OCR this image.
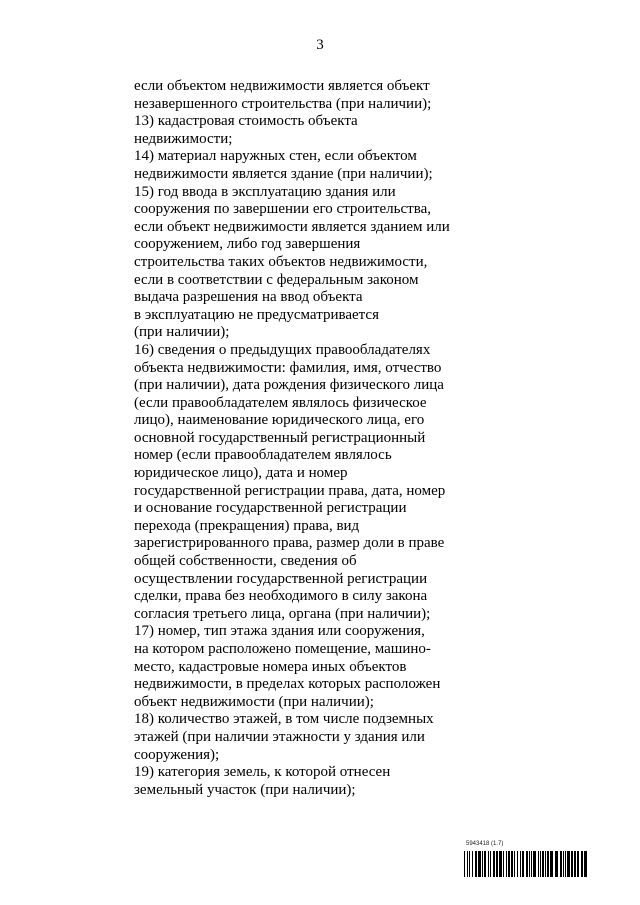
3
если объектом недвижимости является объект
незавершенного строительства (при наличии);
13) кадастровая стоимость объекта
недвижимости;
14) материал наружных стен, если объектом
недвижимости является здание (при наличии);
15) год ввода в эксплуатацию здания или
сооружения по завершении его строительства,
если объект недвижимости является зданием или
сооружением, либо год завершения
строительства таких объектов недвижимости,
если в соответствии с федеральным законом
выдача разрешения на ввод объекта
в эксплуатацию не предусматривается
(при наличии);
16) сведения о предыдущих правообладателях
объекта недвижимости: фамилия, имя, отчество
(при наличии), дата рождения физического лица
(если правообладателем являлось физическое
лицо), наименование юридического лица, его
основной государственный регистрационный
номер (если правообладателем являлось
юридическое лицо), дата и номер
государственной регистрации права, дата, номер
и основание государственной регистрации
перехода (прекращения) права, вид
зарегистрированного права, размер доли в праве
общей собственности, сведения об
осуществлении государственной регистрации
сделки, права без необходимого в силу закона
согласия третьего лица, органа (при наличии);
17) номер, тип этажа здания или сооружения,
на котором расположено помещение, машино-
место, кадастровые номера иных объектов
недвижимости, в пределах которых расположен
объект недвижимости (при наличии);
18) количество этажей, в том числе подземных
этажей (при наличии этажности у здания или
сооружения);
19) категория земель, к которой отнесен
земельный участок (при наличии);
5943418 (1.7)
